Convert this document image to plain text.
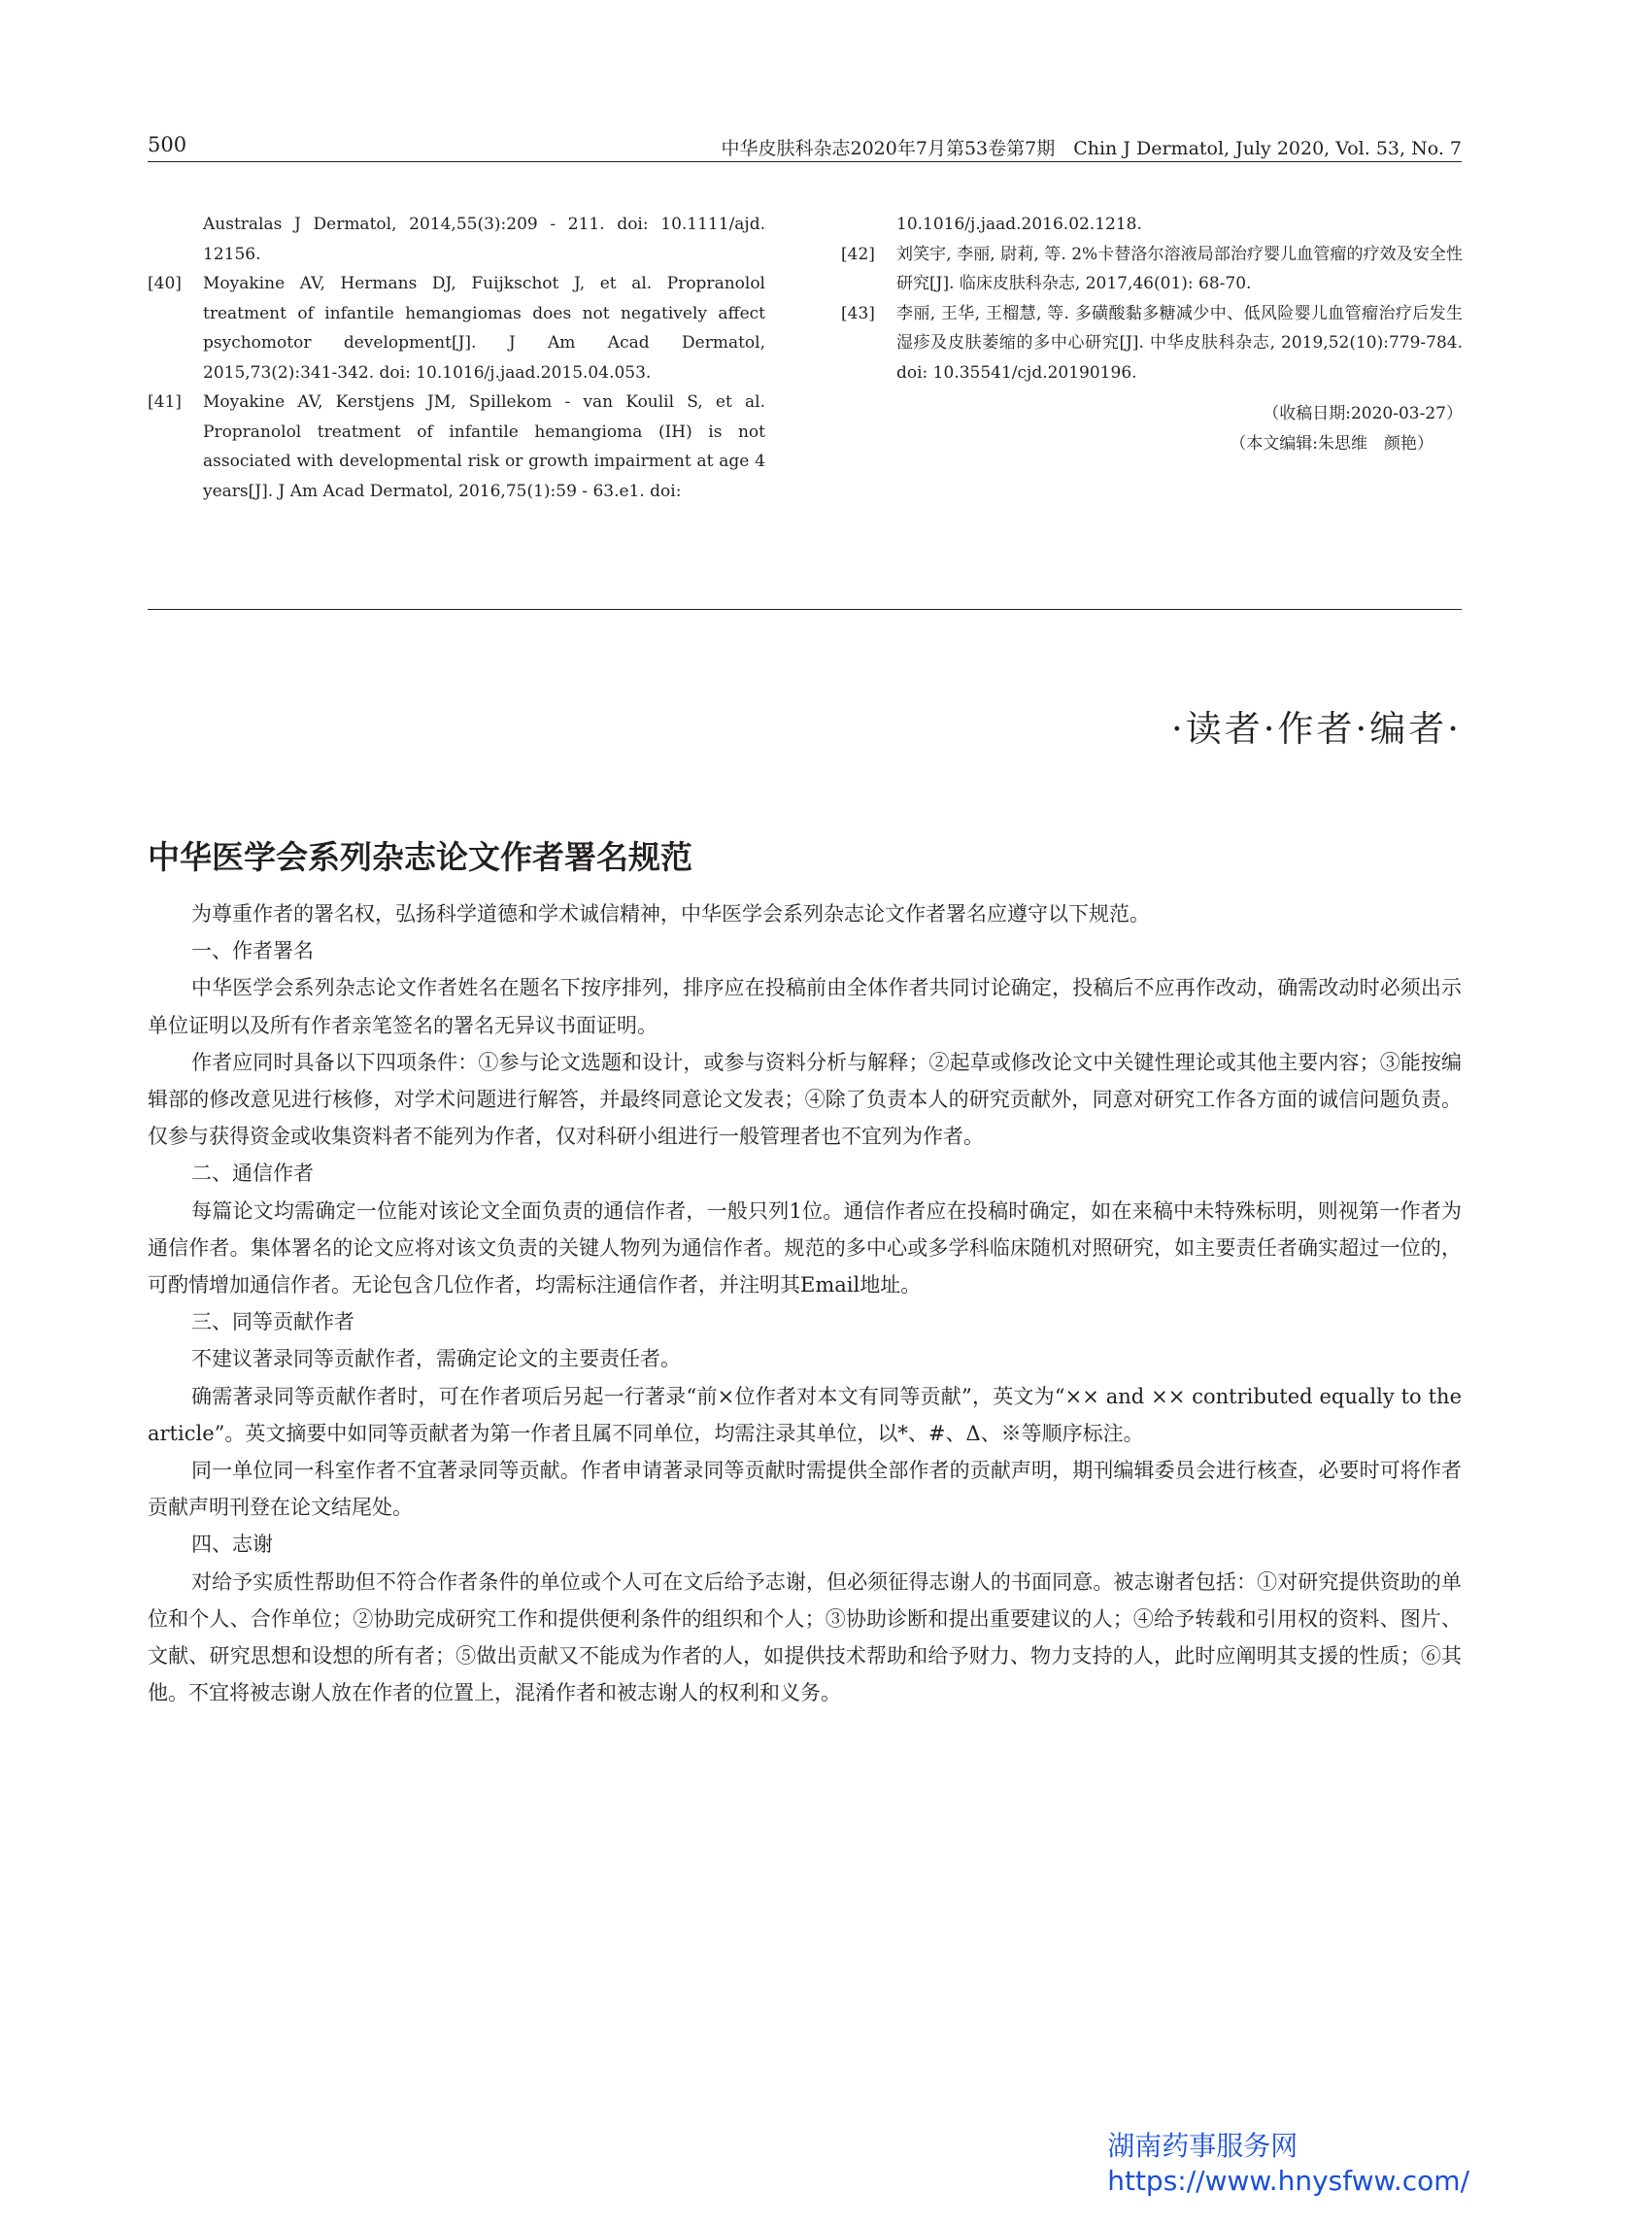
500	中华皮肤科杂志2020年7月第53卷第7期　Chin J Dermatol, July 2020, Vol. 53, No. 7
Australas J Dermatol, 2014,55(3):209 - 211. doi: 10.1111/ajd. 12156.
[40] Moyakine AV, Hermans DJ, Fuijkschot J, et al. Propranolol treatment of infantile hemangiomas does not negatively affect psychomotor development[J]. J Am Acad Dermatol, 2015,73(2):341-342. doi: 10.1016/j.jaad.2015.04.053.
[41] Moyakine AV, Kerstjens JM, Spillekom - van Koulil S, et al. Propranolol treatment of infantile hemangioma (IH) is not associated with developmental risk or growth impairment at age 4 years[J]. J Am Acad Dermatol, 2016,75(1):59 - 63.e1. doi:
10.1016/j.jaad.2016.02.1218.
[42] 刘笑宇, 李丽, 尉莉, 等. 2%卡替洛尔溶液局部治疗婴儿血管瘤的疗效及安全性研究[J]. 临床皮肤科杂志, 2017,46(01): 68-70.
[43] 李丽, 王华, 王榴慧, 等. 多磺酸黏多糖减少中、低风险婴儿血管瘤治疗后发生湿疹及皮肤萎缩的多中心研究[J]. 中华皮肤科杂志, 2019,52(10):779-784. doi: 10.35541/cjd.20190196.
（收稿日期:2020-03-27）
（本文编辑:朱思维　颜艳）
·读者·作者·编者·
中华医学会系列杂志论文作者署名规范

为尊重作者的署名权，弘扬科学道德和学术诚信精神，中华医学会系列杂志论文作者署名应遵守以下规范。

一、作者署名

中华医学会系列杂志论文作者姓名在题名下按序排列，排序应在投稿前由全体作者共同讨论确定，投稿后不应再作改动，确需改动时必须出示单位证明以及所有作者亲笔签名的署名无异议书面证明。

作者应同时具备以下四项条件：①参与论文选题和设计，或参与资料分析与解释；②起草或修改论文中关键性理论或其他主要内容；③能按编辑部的修改意见进行核修，对学术问题进行解答，并最终同意论文发表；④除了负责本人的研究贡献外，同意对研究工作各方面的诚信问题负责。仅参与获得资金或收集资料者不能列为作者，仅对科研小组进行一般管理者也不宜列为作者。

二、通信作者

每篇论文均需确定一位能对该论文全面负责的通信作者，一般只列1位。通信作者应在投稿时确定，如在来稿中未特殊标明，则视第一作者为通信作者。集体署名的论文应将对该文负责的关键人物列为通信作者。规范的多中心或多学科临床随机对照研究，如主要责任者确实超过一位的，可酌情增加通信作者。无论包含几位作者，均需标注通信作者，并注明其Email地址。

三、同等贡献作者

不建议著录同等贡献作者，需确定论文的主要责任者。

确需著录同等贡献作者时，可在作者项后另起一行著录“前×位作者对本文有同等贡献”，英文为“×× and ×× contributed equally to the article”。英文摘要中如同等贡献者为第一作者且属不同单位，均需注录其单位，以*、#、Δ、※等顺序标注。

同一单位同一科室作者不宜著录同等贡献。作者申请著录同等贡献时需提供全部作者的贡献声明，期刊编辑委员会进行核查，必要时可将作者贡献声明刊登在论文结尾处。

四、志谢

对给予实质性帮助但不符合作者条件的单位或个人可在文后给予志谢，但必须征得志谢人的书面同意。被志谢者包括：①对研究提供资助的单位和个人、合作单位；②协助完成研究工作和提供便利条件的组织和个人；③协助诊断和提出重要建议的人；④给予转载和引用权的资料、图片、文献、研究思想和设想的所有者；⑤做出贡献又不能成为作者的人，如提供技术帮助和给予财力、物力支持的人，此时应阐明其支援的性质；⑥其他。不宜将被志谢人放在作者的位置上，混淆作者和被志谢人的权利和义务。

湖南药事服务网
https://www.hnysfww.com/
